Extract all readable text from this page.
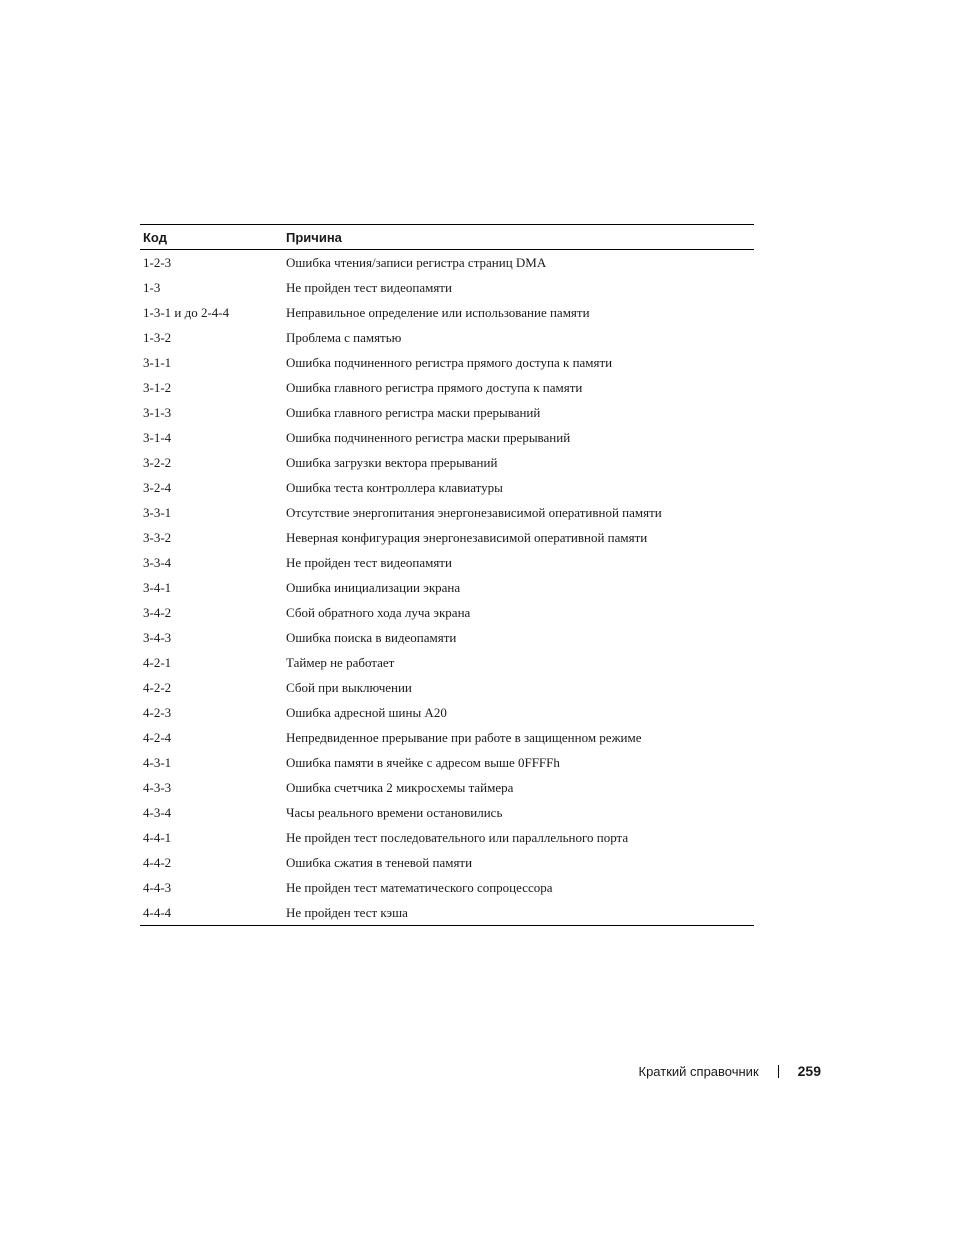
Код	Причина
1-2-3	Ошибка чтения/записи регистра страниц DMA
1-3	Не пройден тест видеопамяти
1-3-1 и до 2-4-4	Неправильное определение или использование памяти
1-3-2	Проблема с памятью
3-1-1	Ошибка подчиненного регистра прямого доступа к памяти
3-1-2	Ошибка главного регистра прямого доступа к памяти
3-1-3	Ошибка главного регистра маски прерываний
3-1-4	Ошибка подчиненного регистра маски прерываний
3-2-2	Ошибка загрузки вектора прерываний
3-2-4	Ошибка теста контроллера клавиатуры
3-3-1	Отсутствие энергопитания энергонезависимой оперативной памяти
3-3-2	Неверная конфигурация энергонезависимой оперативной памяти
3-3-4	Не пройден тест видеопамяти
3-4-1	Ошибка инициализации экрана
3-4-2	Сбой обратного хода луча экрана
3-4-3	Ошибка поиска в видеопамяти
4-2-1	Таймер не работает
4-2-2	Сбой при выключении
4-2-3	Ошибка адресной шины A20
4-2-4	Непредвиденное прерывание при работе в защищенном режиме
4-3-1	Ошибка памяти в ячейке с адресом выше 0FFFFh
4-3-3	Ошибка счетчика 2 микросхемы таймера
4-3-4	Часы реального времени остановились
4-4-1	Не пройден тест последовательного или параллельного порта
4-4-2	Ошибка сжатия в теневой памяти
4-4-3	Не пройден тест математического сопроцессора
4-4-4	Не пройден тест кэша
Краткий справочник	259
